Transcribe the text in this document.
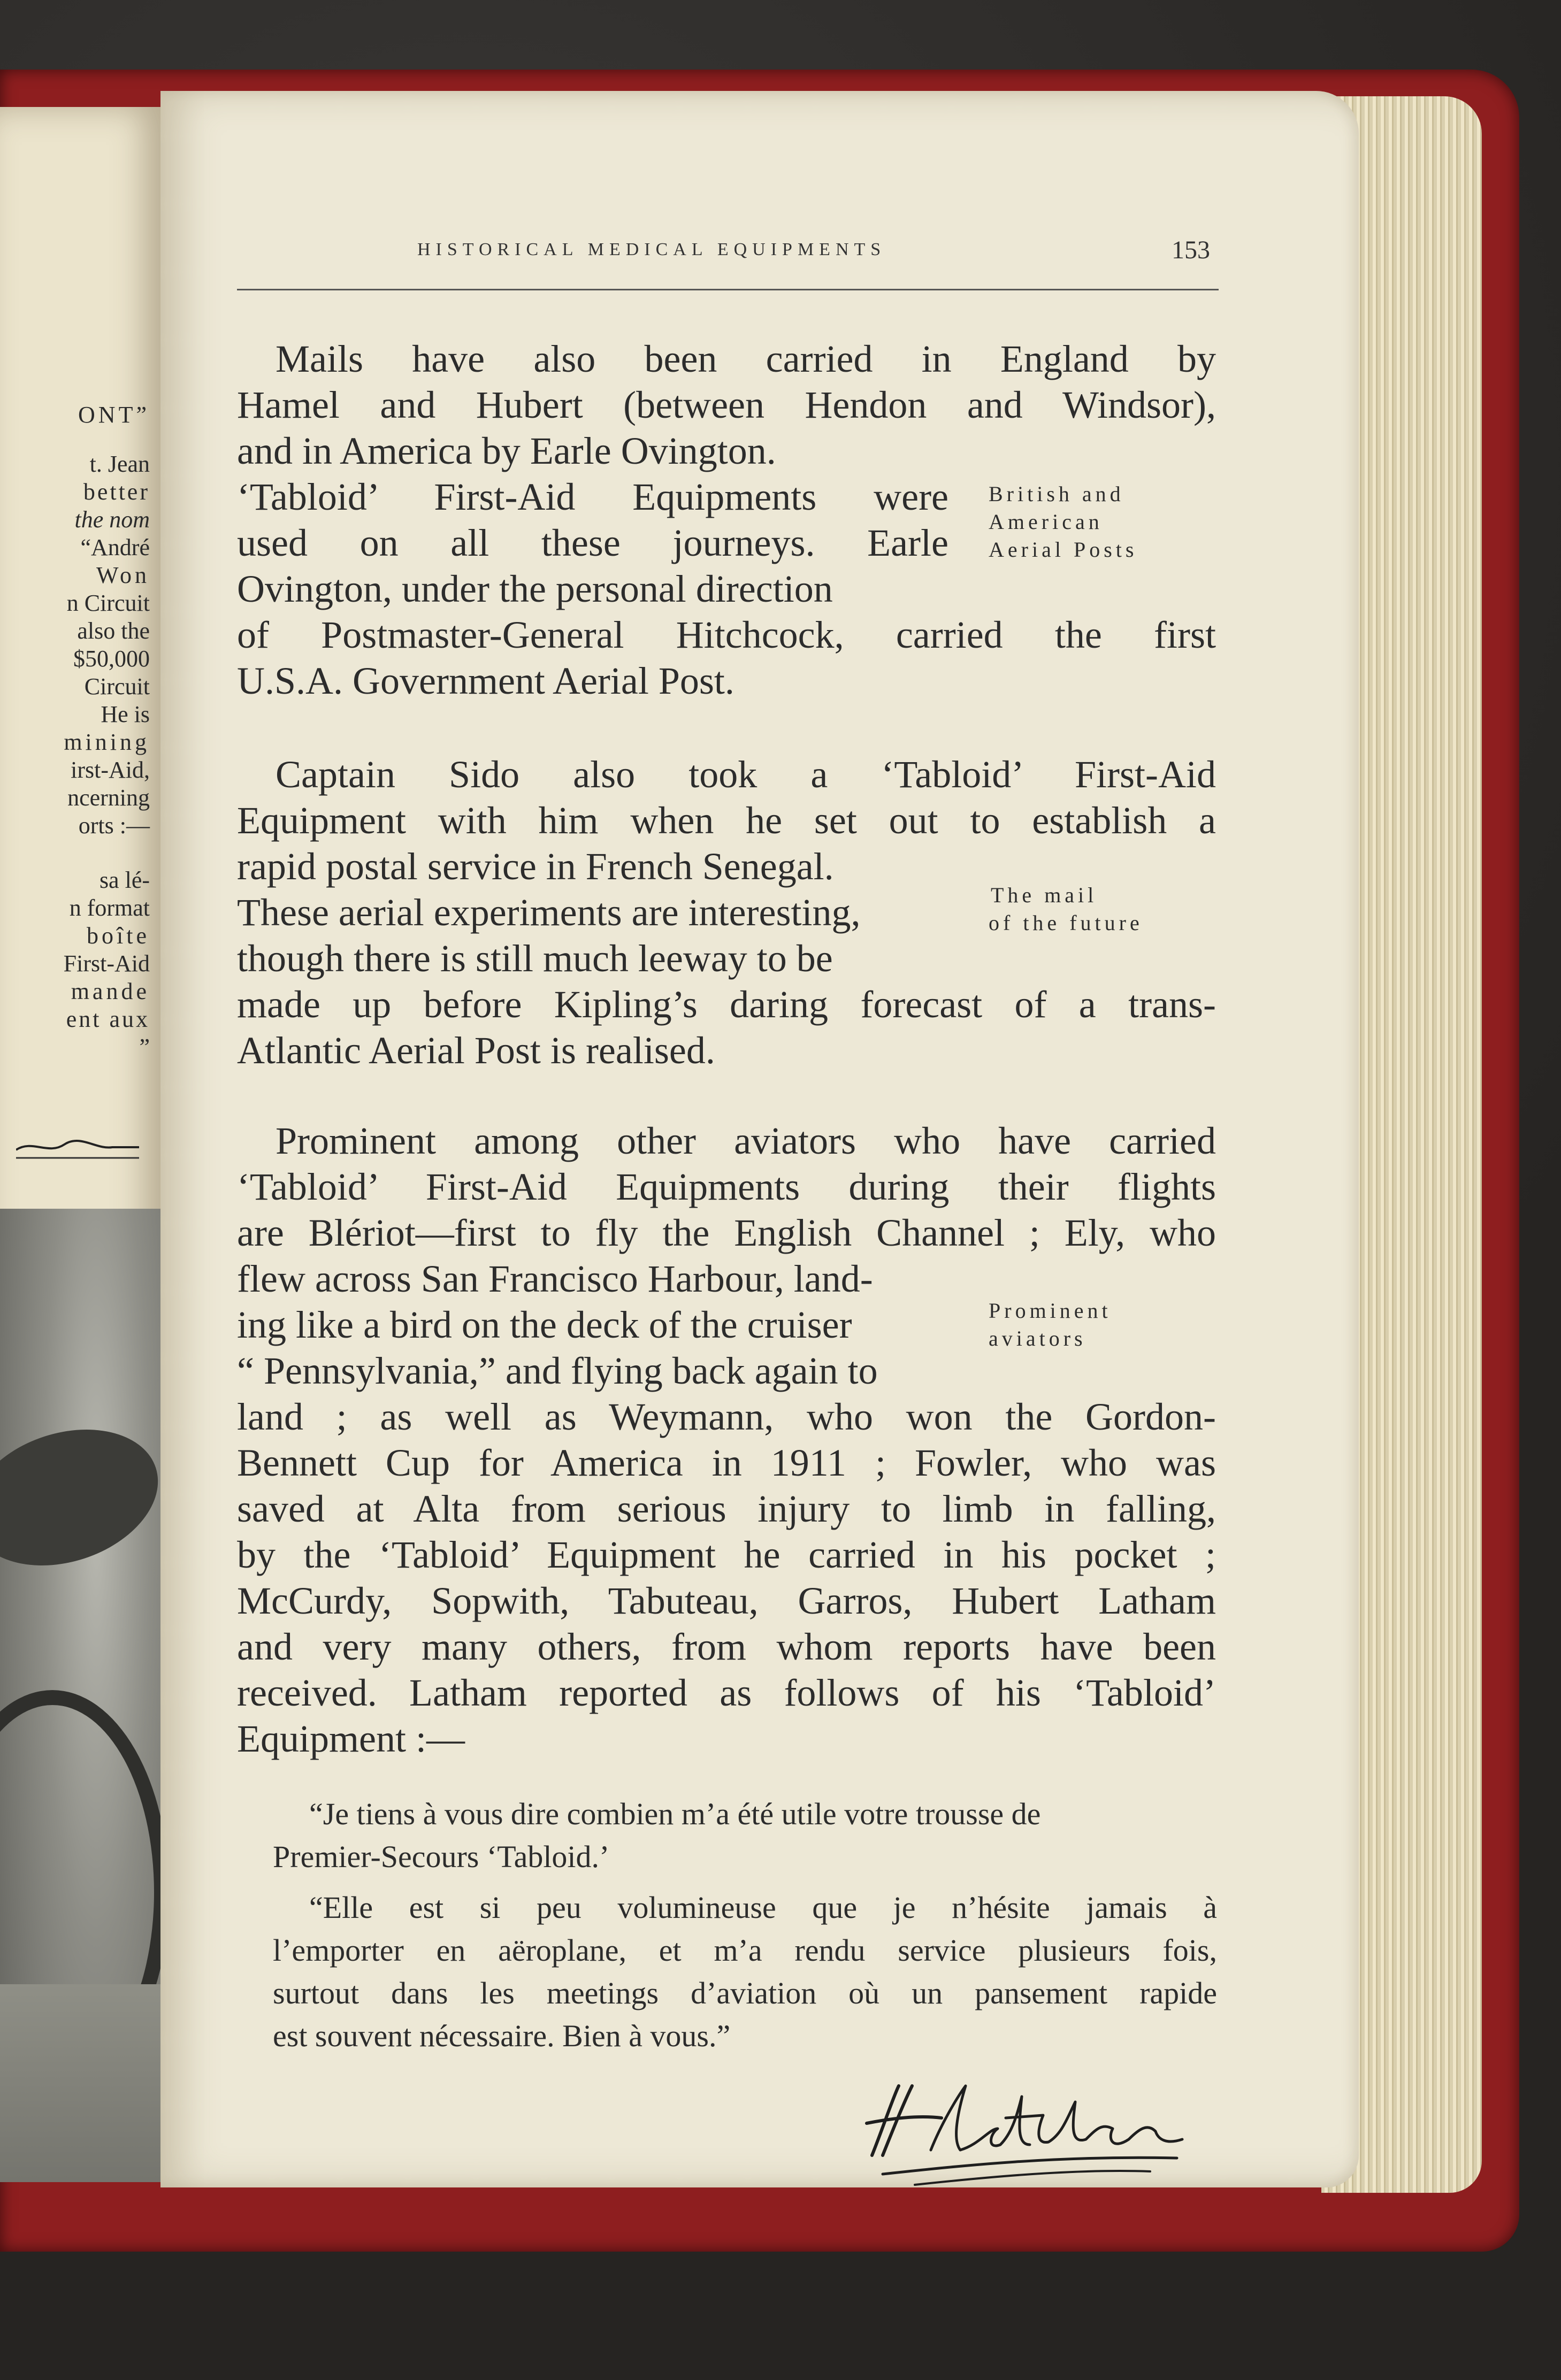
ONT”
t. Jean
better
the nom
“André
Won
n Circuit
also the
$50,000
Circuit
He is
mining
irst-Aid,
ncerning
orts :—
sa lé-
n format
boîte
First-Aid
mande
ent aux
”
HISTORICAL MEDICAL EQUIPMENTS	153
Mails have also been carried in England by
Hamel and Hubert (between Hendon and Windsor),
and in America by Earle Ovington.
‘Tabloid’ First-Aid Equipments were
used on all these journeys. Earle
Ovington, under the personal direction
of Postmaster-General Hitchcock, carried the first
U.S.A. Government Aerial Post.
British and
American
Aerial Posts
Captain Sido also took a ‘Tabloid’ First-Aid
Equipment with him when he set out to establish a
rapid postal service in French Senegal.
These aerial experiments are interesting,
though there is still much leeway to be
made up before Kipling’s daring forecast of a trans-
Atlantic Aerial Post is realised.
The mail
of the future
Prominent among other aviators who have carried
‘Tabloid’ First-Aid Equipments during their flights
are Blériot—first to fly the English Channel ; Ely, who
flew across San Francisco Harbour, land-
ing like a bird on the deck of the cruiser
“ Pennsylvania,” and flying back again to
land ; as well as Weymann, who won the Gordon-
Bennett Cup for America in 1911 ; Fowler, who was
saved at Alta from serious injury to limb in falling,
by the ‘Tabloid’ Equipment he carried in his pocket ;
McCurdy, Sopwith, Tabuteau, Garros, Hubert Latham
and very many others, from whom reports have been
received. Latham reported as follows of his ‘Tabloid’
Equipment :—
Prominent
aviators
“Je tiens à vous dire combien m’a été utile votre trousse de
Premier-Secours ‘Tabloid.’
“Elle est si peu volumineuse que je n’hésite jamais à
l’emporter en aëroplane, et m’a rendu service plusieurs fois,
surtout dans les meetings d’aviation où un pansement rapide
est souvent nécessaire. Bien à vous.”
